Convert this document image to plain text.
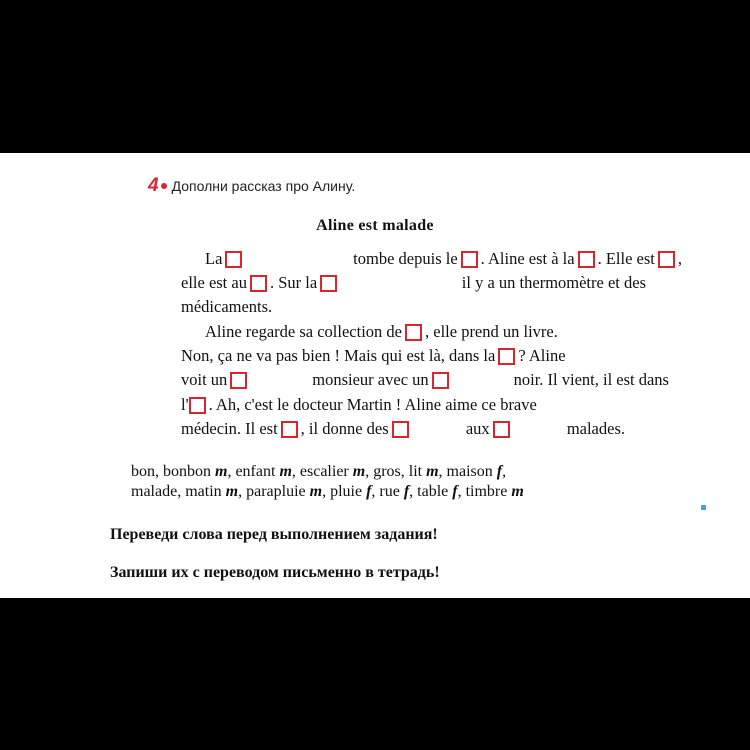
4 Дополни рассказ про Алину.
Aline est malade
La	tombe depuis le . Aline est à la . Elle est ,
elle est au . Sur la	il y a un thermomètre et des
médicaments.
Aline regarde sa collection de , elle prend un livre.
Non, ça ne va pas bien ! Mais qui est là, dans la ? Aline
voit un	monsieur avec un	noir. Il vient, il est dans
l' . Ah, c'est le docteur Martin ! Aline aime ce brave
médecin. Il est , il donne des	aux	malades.
bon, bonbon m, enfant m, escalier m, gros, lit m, maison f,
malade, matin m, parapluie m, pluie f, rue f, table f, timbre m
Переведи слова перед выполнением задания!
Запиши их с переводом письменно в тетрадь!
